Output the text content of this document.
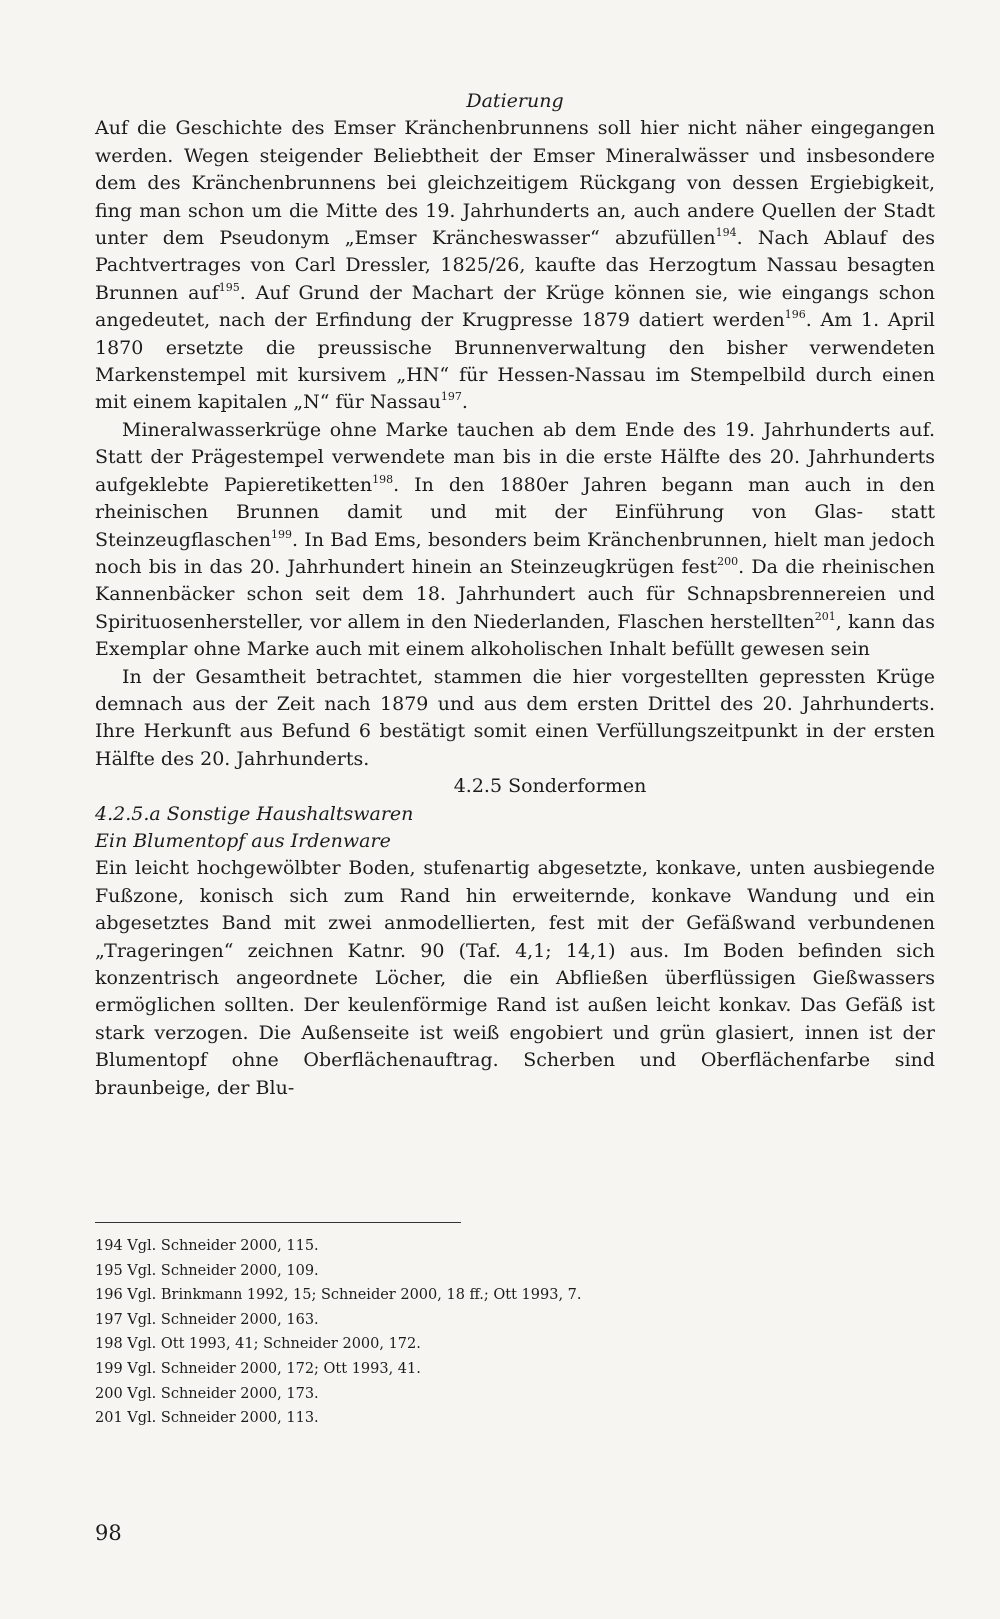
Datierung

Auf die Geschichte des Emser Kränchenbrunnens soll hier nicht näher eingegangen werden. Wegen steigender Beliebtheit der Emser Mineralwässer und insbesondere dem des Kränchenbrunnens bei gleichzeitigem Rückgang von dessen Ergiebigkeit, fing man schon um die Mitte des 19. Jahrhunderts an, auch andere Quellen der Stadt unter dem Pseudonym „Emser Kräncheswasser“ abzufüllen$^{194}$. Nach Ablauf des Pachtvertrages von Carl Dressler, 1825/26, kaufte das Herzogtum Nassau besagten Brunnen auf$^{195}$. Auf Grund der Machart der Krüge können sie, wie eingangs schon angedeutet, nach der Erfindung der Krugpresse 1879 datiert werden$^{196}$. Am 1. April 1870 ersetzte die preussische Brunnenverwaltung den bisher verwendeten Markenstempel mit kursivem „HN“ für Hessen-Nassau im Stempelbild durch einen mit einem kapitalen „N“ für Nassau$^{197}$.

Mineralwasserkrüge ohne Marke tauchen ab dem Ende des 19. Jahrhunderts auf. Statt der Prägestempel verwendete man bis in die erste Hälfte des 20. Jahrhunderts aufgeklebte Papieretiketten$^{198}$. In den 1880er Jahren begann man auch in den rheinischen Brunnen damit und mit der Einführung von Glas- statt Steinzeugflaschen$^{199}$. In Bad Ems, besonders beim Kränchenbrunnen, hielt man jedoch noch bis in das 20. Jahrhundert hinein an Steinzeugkrügen fest$^{200}$. Da die rheinischen Kannenbäcker schon seit dem 18. Jahrhundert auch für Schnapsbrennereien und Spirituosenhersteller, vor allem in den Niederlanden, Flaschen herstellten$^{201}$, kann das Exemplar ohne Marke auch mit einem alkoholischen Inhalt befüllt gewesen sein

In der Gesamtheit betrachtet, stammen die hier vorgestellten gepressten Krüge demnach aus der Zeit nach 1879 und aus dem ersten Drittel des 20. Jahrhunderts. Ihre Herkunft aus Befund 6 bestätigt somit einen Verfüllungszeitpunkt in der ersten Hälfte des 20. Jahrhunderts.

4.2.5 Sonderformen

4.2.5.a Sonstige Haushaltswaren

Ein Blumentopf aus Irdenware

Ein leicht hochgewölbter Boden, stufenartig abgesetzte, konkave, unten ausbiegende Fußzone, konisch sich zum Rand hin erweiternde, konkave Wandung und ein abgesetztes Band mit zwei anmodellierten, fest mit der Gefäßwand verbundenen „Trageringen“ zeichnen Katnr. 90 (Taf. 4,1; 14,1) aus. Im Boden befinden sich konzentrisch angeordnete Löcher, die ein Abfließen überflüssigen Gießwassers ermöglichen sollten. Der keulenförmige Rand ist außen leicht konkav. Das Gefäß ist stark verzogen. Die Außenseite ist weiß engobiert und grün glasiert, innen ist der Blumentopf ohne Oberflächenauftrag. Scherben und Oberflächenfarbe sind braunbeige, der Blu-

194 Vgl. Schneider 2000, 115.
195 Vgl. Schneider 2000, 109.
196 Vgl. Brinkmann 1992, 15; Schneider 2000, 18 ff.; Ott 1993, 7.
197 Vgl. Schneider 2000, 163.
198 Vgl. Ott 1993, 41; Schneider 2000, 172.
199 Vgl. Schneider 2000, 172; Ott 1993, 41.
200 Vgl. Schneider 2000, 173.
201 Vgl. Schneider 2000, 113.
98
